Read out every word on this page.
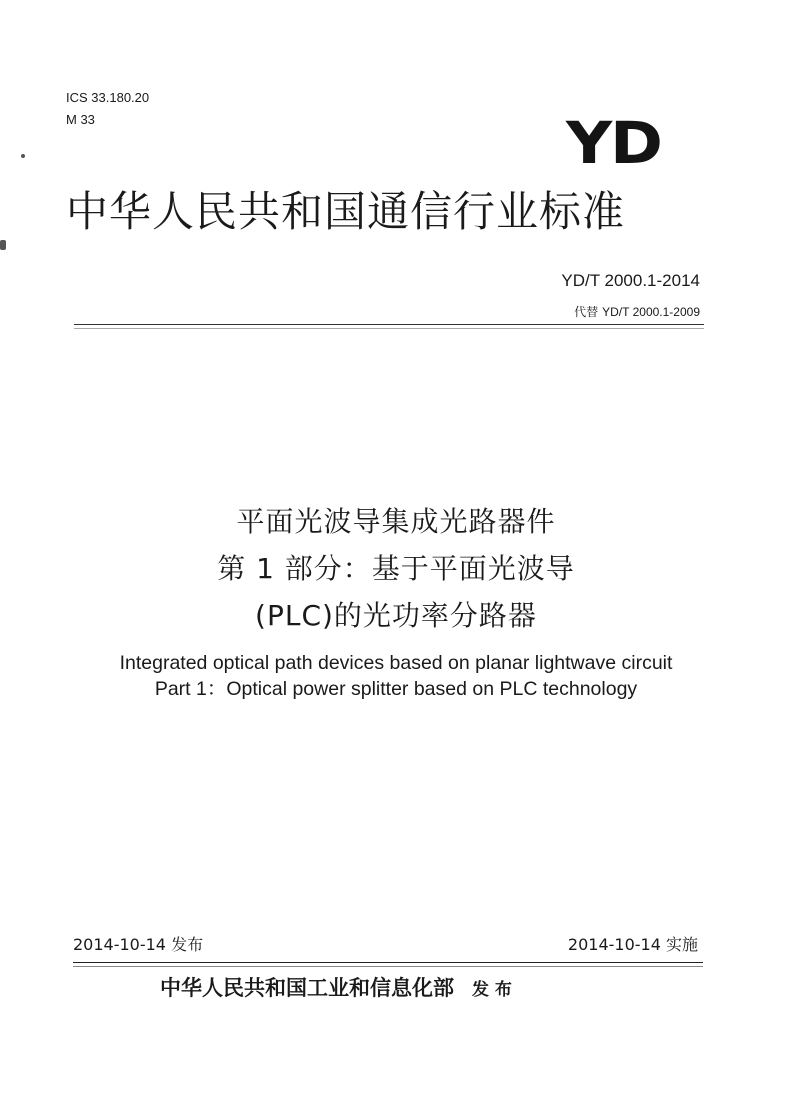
ICS 33.180.20
M 33	YD
中华人民共和国通信行业标准
YD/T 2000.1-2014
代替 YD/T 2000.1-2009
平面光波导集成光路器件
第 1 部分：基于平面光波导
(PLC)的光功率分路器
Integrated optical path devices based on planar lightwave circuit
Part 1：Optical power splitter based on PLC technology
2014-10-14 发布	2014-10-14 实施
中华人民共和国工业和信息化部 发 布
